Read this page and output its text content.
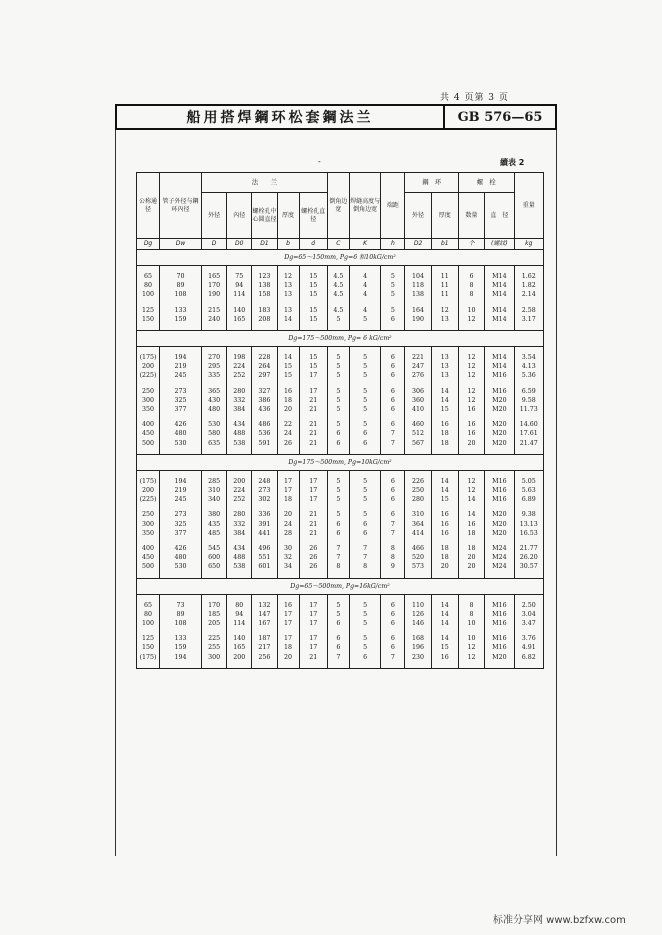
共 4 页第 3 页
船用搭焊鋼环松套鋼法兰	GB 576—65
-	續表 2
公称通径	管子外径与鋼环內径	法　　兰					倒角边宽	焊縫高度与倒角边宽	端距	鋼　环		螺　栓		重量
		外径	內径	螺栓孔中心圆直径	厚度	螺栓孔直径				外径	厚度	数量	直　径	
Dg	Dw	D	D0	D1	b	d	C	K	h	D2	b1	个	(螺紋)	kg
Dg=65～150mm, Pg=6 和10kG/cm²														

65	70	165	75	123	12	15	4.5	4	5	104	11	6	M14	1.62
80	89	170	94	138	13	15	4.5	4	5	118	11	8	M14	1.82
100	108	190	114	158	13	15	4.5	4	5	138	11	8	M14	2.14

125	133	215	140	183	13	15	4.5	4	5	164	12	10	M14	2.58
150	159	240	165	208	14	15	5	5	6	190	13	12	M14	3.17

Dg=175～500mm, Pg= 6 kG/cm²														

(175)	194	270	198	228	14	15	5	5	6	221	13	12	M14	3.54
200	219	295	224	264	15	15	5	5	6	247	13	12	M14	4.13
(225)	245	335	252	297	15	17	5	5	6	276	13	12	M16	5.36

250	273	365	280	327	16	17	5	5	6	306	14	12	M16	6.59
300	325	430	332	386	18	21	5	5	6	360	14	12	M20	9.58
350	377	480	384	436	20	21	5	5	6	410	15	16	M20	11.73

400	426	530	434	486	22	21	5	5	6	460	16	16	M20	14.60
450	480	580	488	536	24	21	6	6	7	512	18	16	M20	17.61
500	530	635	538	591	26	21	6	6	7	567	18	20	M20	21.47

Dg=175～500mm, Pg=10kG/cm²														

(175)	194	285	200	248	17	17	5	5	6	226	14	12	M16	5.05
200	219	310	224	273	17	17	5	5	6	250	14	12	M16	5.63
(225)	245	340	252	302	18	17	5	5	6	280	15	14	M16	6.89

250	273	380	280	336	20	21	5	5	6	310	16	14	M20	9.38
300	325	435	332	391	24	21	6	6	7	364	16	16	M20	13.13
350	377	485	384	441	28	21	6	6	7	414	16	18	M20	16.53

400	426	545	434	496	30	26	7	7	8	466	18	18	M24	21.77
450	480	600	488	551	32	26	7	7	8	520	18	20	M24	26.20
500	530	650	538	601	34	26	8	8	9	573	20	20	M24	30.57

Dg=65～500mm, Pg=16kG/cm²														

65	73	170	80	132	16	17	5	5	6	110	14	8	M16	2.50
80	89	185	94	147	17	17	5	5	6	126	14	8	M16	3.04
100	108	205	114	167	17	17	6	5	6	146	14	10	M16	3.47

125	133	225	140	187	17	17	6	5	6	168	14	10	M16	3.76
150	159	255	165	217	18	17	6	5	6	196	15	12	M16	4.91
(175)	194	300	200	256	20	21	7	6	7	230	16	12	M20	6.82

标准分享网 www.bzfxw.com
